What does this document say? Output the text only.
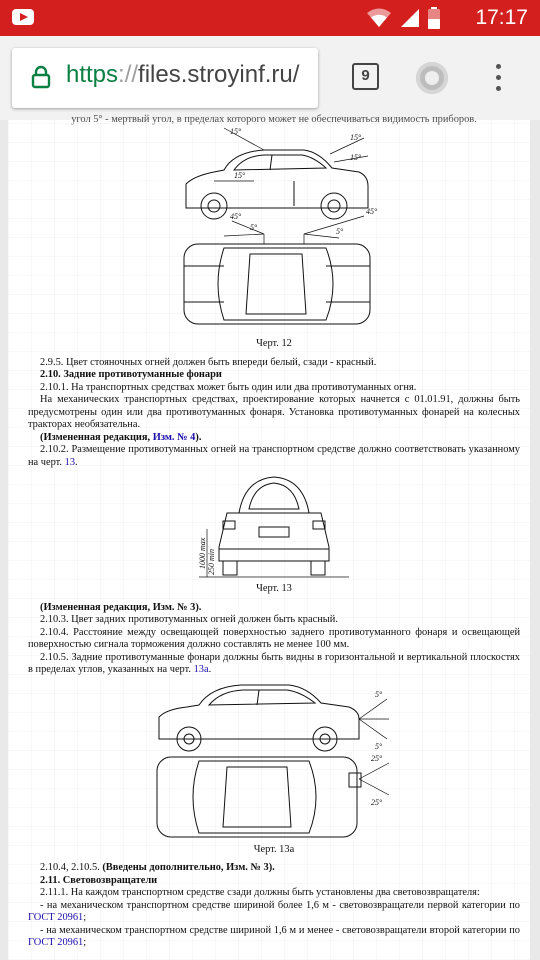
17:17
https://files.stroyinf.ru/	9
угол 5° - мертвый угол, в пределах которого может не обеспечиваться видимость приборов.
15°
15°
15°
15°
45°
45°
5°	5°
Черт. 12

2.9.5. Цвет стояночных огней должен быть впереди белый, сзади - красный.

2.10. Задние противотуманные фонари

2.10.1. На транспортных средствах может быть один или два противотуманных огня.

На механических транспортных средствах, проектирование которых начнется с 01.01.91, должны быть предусмотрены один или два противотуманных фонаря. Установка противотуманных фонарей на колесных тракторах необязательна.

(Измененная редакция, Изм. № 4).

2.10.2. Размещение противотуманных огней на транспортном средстве должно соответствовать указанному на черт. 13.

1000 max 250 min
Черт. 13

(Измененная редакция, Изм. № 3).

2.10.3. Цвет задних противотуманных огней должен быть красный.

2.10.4. Расстояние между освещающей поверхностью заднего противотуманного фонаря и освещающей поверхностью сигнала торможения должно составлять не менее 100 мм.

2.10.5. Задние противотуманные фонари должны быть видны в горизонтальной и вертикальной плоскостях в пределах углов, указанных на черт. 13а.

5°
5°
25°
25°
Черт. 13а

2.10.4, 2.10.5. (Введены дополнительно, Изм. № 3).

2.11. Световозвращатели

2.11.1. На каждом транспортном средстве сзади должны быть установлены два световозвращателя:

- на механическом транспортном средстве шириной более 1,6 м - световозвращатели первой категории по ГОСТ 20961;

- на механическом транспортном средстве шириной 1,6 м и менее - световозвращатели второй категории по ГОСТ 20961;
